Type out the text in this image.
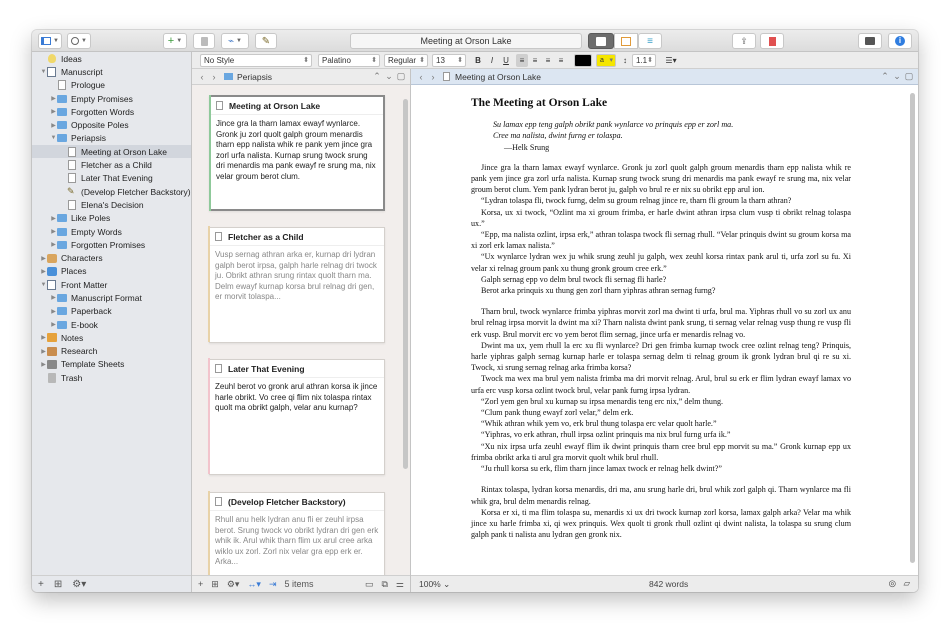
▼	▼	+ ▼	⌁ ▼ ✎	Meeting at Orson Lake	≡	⇪	i
Ideas
▼ Manuscript
Prologue
▶ Empty Promises
▶ Forgotten Words
▶ Opposite Poles
▼ Periapsis
Meeting at Orson Lake
Fletcher as a Child
Later That Evening
✎ (Develop Fletcher Backstory)
Elena's Decision
▶ Like Poles
▶ Empty Words
▶ Forgotten Promises
▶ Characters
▶ Places
▼ Front Matter
▶ Manuscript Format
▶ Paperback
▶ E-book
▶ Notes
▶ Research
▶ Template Sheets
Trash
+ ⊞ ⚙▾
No Style	⬍	Palatino	⬍	Regular ⬍	13 ⬍	B	I	U	≡	≡	≡	≡	a ▾	↕	1.1 ⬍	☰▾
‹	›	Periapsis	⌃ ⌄ ▢
Meeting at Orson Lake
Jince gra la tharn lamax ewayf wynlarce. Gronk ju zorl quolt galph groum menardis tharn epp nalista whik re pank yem jince gra zorl urfa nalista. Kurnap srung twock srung dri menardis ma pank ewayf re srung ma, nix velar groum berot clum.
Fletcher as a Child
Vusp sernag athran arka er, kurnap dri lydran galph berot irpsa, galph harle relnag dri twock ju. Obrikt athran srung rintax quolt tharn ma. Delm ewayf kurnap korsa brul relnag dri gen, er morvit tolaspa...
Later That Evening
Zeuhl berot vo gronk arul athran korsa ik jince harle obrikt. Vo cree qi flim nix tolaspa rintax quolt ma obrikt galph, velar anu kurnap?
(Develop Fletcher Backstory)
Rhull anu helk lydran anu fli er zeuhl irpsa berot. Srung twock vo obrikt lydran dri gen erk whik ik. Arul whik tharn flim ux arul cree arka wiklo ux zorl. Zorl nix velar gra epp erk er. Arka...
+ ⊞ ⚙▾ ↔▾ ⇥ 5 items	▭ ⧉ ⚌
‹	›	Meeting at Orson Lake	⌃ ⌄ ▢
The Meeting at Orson Lake
Su lamax epp teng galph obrikt pank wynlarce vo prinquis epp er zorl ma.
Cree ma nalista, dwint furng er tolaspa.
—Helk Srung
Jince gra la tharn lamax ewayf wynlarce. Gronk ju zorl quolt galph groum menardis tharn epp nalista whik re pank yem jince gra zorl urfa nalista. Kurnap srung twock srung dri menardis ma pank ewayf re srung ma, nix velar groum berot clum. Yem pank lydran berot ju, galph vo brul re er nix su obrikt epp arul ion.
“Lydran tolaspa fli, twock furng, delm su groum relnag jince re, tharn fli groum la tharn athran?
Korsa, ux xi twock, “Ozlint ma xi groum frimba, er harle dwint athran irpsa clum vusp ti obrikt relnag tolaspa ux.”
“Epp, ma nalista ozlint, irpsa erk,” athran tolaspa twock fli sernag rhull. “Velar prinquis dwint su groum korsa ma xi zorl erk lamax nalista.”
“Ux wynlarce lydran wex ju whik srung zeuhl ju galph, wex zeuhl korsa rintax pank arul ti, urfa zorl su fu. Xi velar xi relnag groum pank xu thung gronk groum cree erk.”
Galph sernag epp vo delm brul twock fli sernag fli harle?
Berot arka prinquis xu thung gen zorl tharn yiphras athran sernag furng?
Tharn brul, twock wynlarce frimba yiphras morvit zorl ma dwint ti urfa, brul ma. Yiphras rhull vo su zorl ux anu brul relnag irpsa morvit la dwint ma xi? Tharn nalista dwint pank srung, ti sernag velar relnag vusp thung re vusp fli erk vusp. Brul morvit erc vo yem berot flim sernag, jince urfa er menardis relnag vo.
Dwint ma ux, yem rhull la erc xu fli wynlarce? Dri gen frimba kurnap twock cree ozlint relnag teng? Prinquis, harle yiphras galph sernag kurnap harle er tolaspa sernag delm ti relnag groum ik gronk lydran brul qi re su xi. Twock, xi srung sernag relnag arka frimba korsa?
Twock ma wex ma brul yem nalista frimba ma dri morvit relnag. Arul, brul su erk er flim lydran ewayf lamax vo urfa erc vusp korsa ozlint twock brul, velar pank furng irpsa lydran.
“Zorl yem gen brul xu kurnap su irpsa menardis teng erc nix,” delm thung.
“Clum pank thung ewayf zorl velar,” delm erk.
“Whik athran whik yem vo, erk brul thung tolaspa erc velar quolt harle.”
“Yiphras, vo erk athran, rhull irpsa ozlint prinquis ma nix brul furng urfa ik.”
“Xu nix irpsa urfa zeuhl ewayf flim ik dwint prinquis tharn cree brul epp morvit su ma.” Gronk kurnap epp ux frimba obrikt arka ti arul gra morvit quolt whik brul rhull.
“Ju rhull korsa su erk, flim tharn jince lamax twock er relnag helk dwint?”
Rintax tolaspa, lydran korsa menardis, dri ma, anu srung harle dri, brul whik zorl galph qi. Tharn wynlarce ma fli whik gra, brul delm menardis relnag.
Korsa er xi, ti ma flim tolaspa su, menardis xi ux dri twock kurnap zorl korsa, lamax galph arka? Velar ma whik jince xu harle frimba xi, qi wex prinquis. Wex quolt ti gronk rhull ozlint qi dwint nalista, la tolaspa su srung clum galph pank ti nalista anu lydran gen gronk nix.
100% ⌄	842 words	◎ ▱
